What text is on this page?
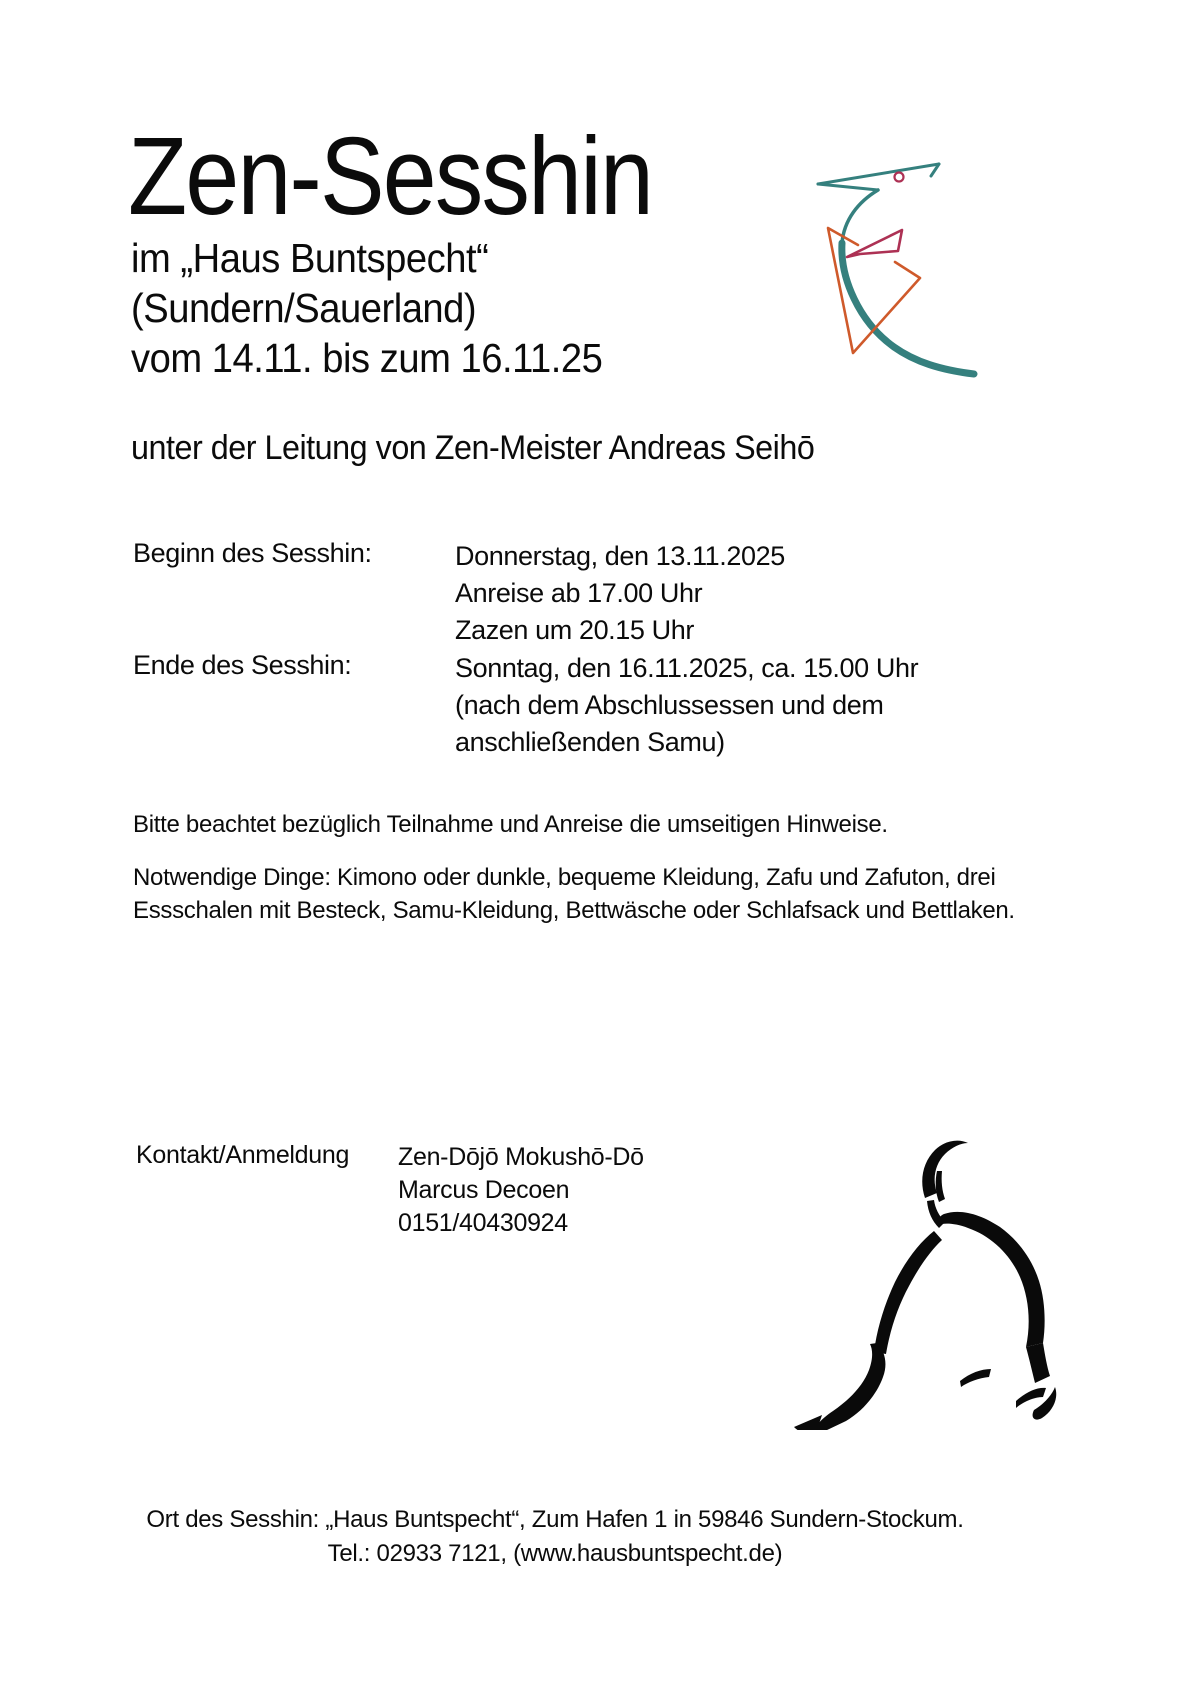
Zen-Sesshin
im „Haus Buntspecht“
(Sundern/Sauerland)
vom 14.11. bis zum 16.11.25
unter der Leitung von Zen-Meister Andreas Seihō
Beginn des Sesshin:	Donnerstag, den 13.11.2025
Anreise ab 17.00 Uhr
Zazen um 20.15 Uhr
Ende des Sesshin:	Sonntag, den 16.11.2025, ca. 15.00 Uhr
(nach dem Abschlussessen und dem
anschließenden Samu)
Bitte beachtet bezüglich Teilnahme und Anreise die umseitigen Hinweise.
Notwendige Dinge: Kimono oder dunkle, bequeme Kleidung, Zafu und Zafuton, drei Essschalen mit Besteck, Samu-Kleidung, Bettwäsche oder Schlafsack und Bettlaken.
Kontakt/Anmeldung Zen-Dōjō Mokushō-Dō
Marcus Decoen
0151/40430924
Ort des Sesshin: „Haus Buntspecht“, Zum Hafen 1 in 59846 Sundern-Stockum.
Tel.: 02933 7121, (www.hausbuntspecht.de)
